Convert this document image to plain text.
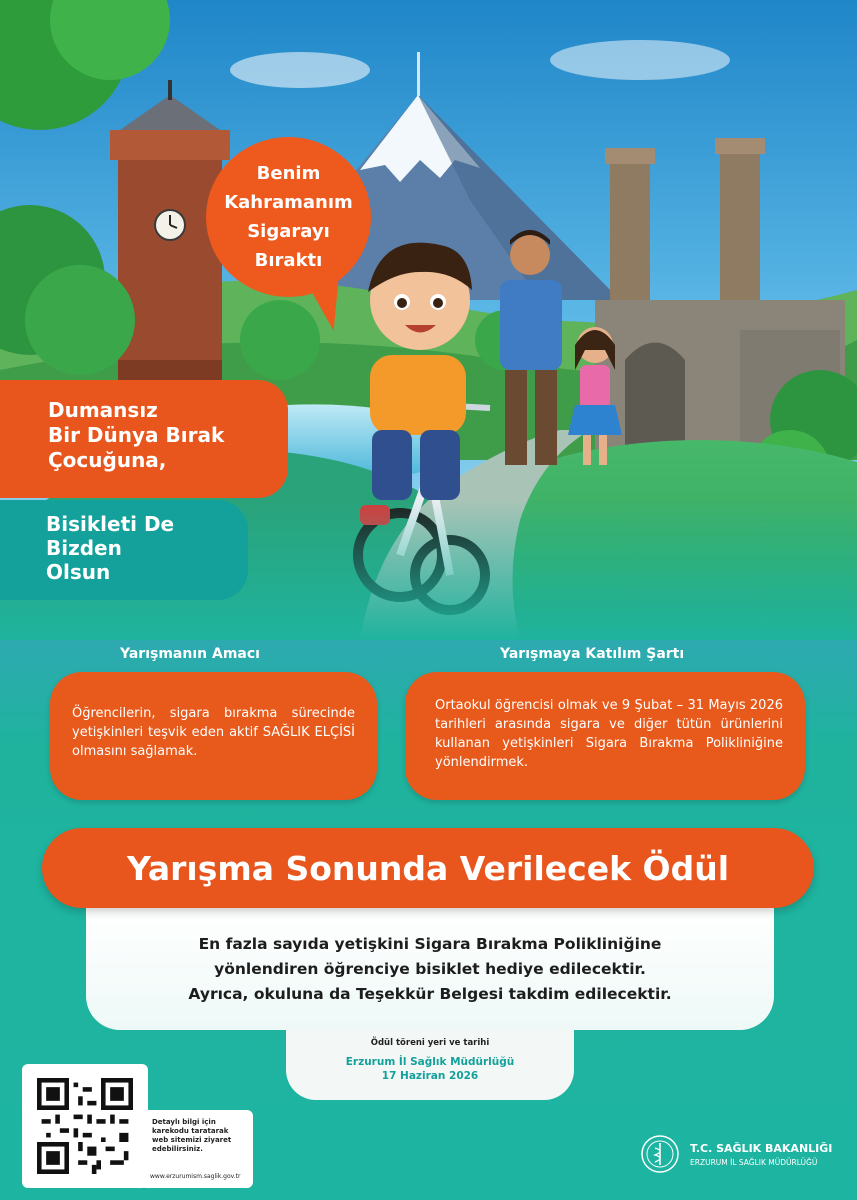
Benim
Kahramanım
Sigarayı
Bıraktı
Dumansız
Bir Dünya Bırak
Çocuğuna,
Bisikleti De
Bizden
Olsun
Yarışmanın Amacı
Öğrencilerin, sigara bırakma sürecinde yetişkinleri teşvik eden aktif SAĞLIK ELÇİSİ olmasını sağlamak.
Yarışmaya Katılım Şartı
Ortaokul öğrencisi olmak ve 9 Şubat – 31 Mayıs 2026 tarihleri arasında sigara ve diğer tütün ürünlerini kullanan yetişkinleri Sigara Bırakma Polikliniğine yönlendirmek.
En fazla sayıda yetişkini Sigara Bırakma Polikliniğine
yönlendiren öğrenciye bisiklet hediye edilecektir.
Ayrıca, okuluna da Teşekkür Belgesi takdim edilecektir.
Yarışma Sonunda Verilecek Ödül
Ödül töreni yeri ve tarihi
Erzurum İl Sağlık Müdürlüğü
17 Haziran 2026
Detaylı bilgi için
karekodu taratarak
web sitemizi ziyaret
edebilirsiniz.
www.erzurumism.saglik.gov.tr
T.C. SAĞLIK BAKANLIĞI
ERZURUM İL SAĞLIK MÜDÜRLÜĞÜ
